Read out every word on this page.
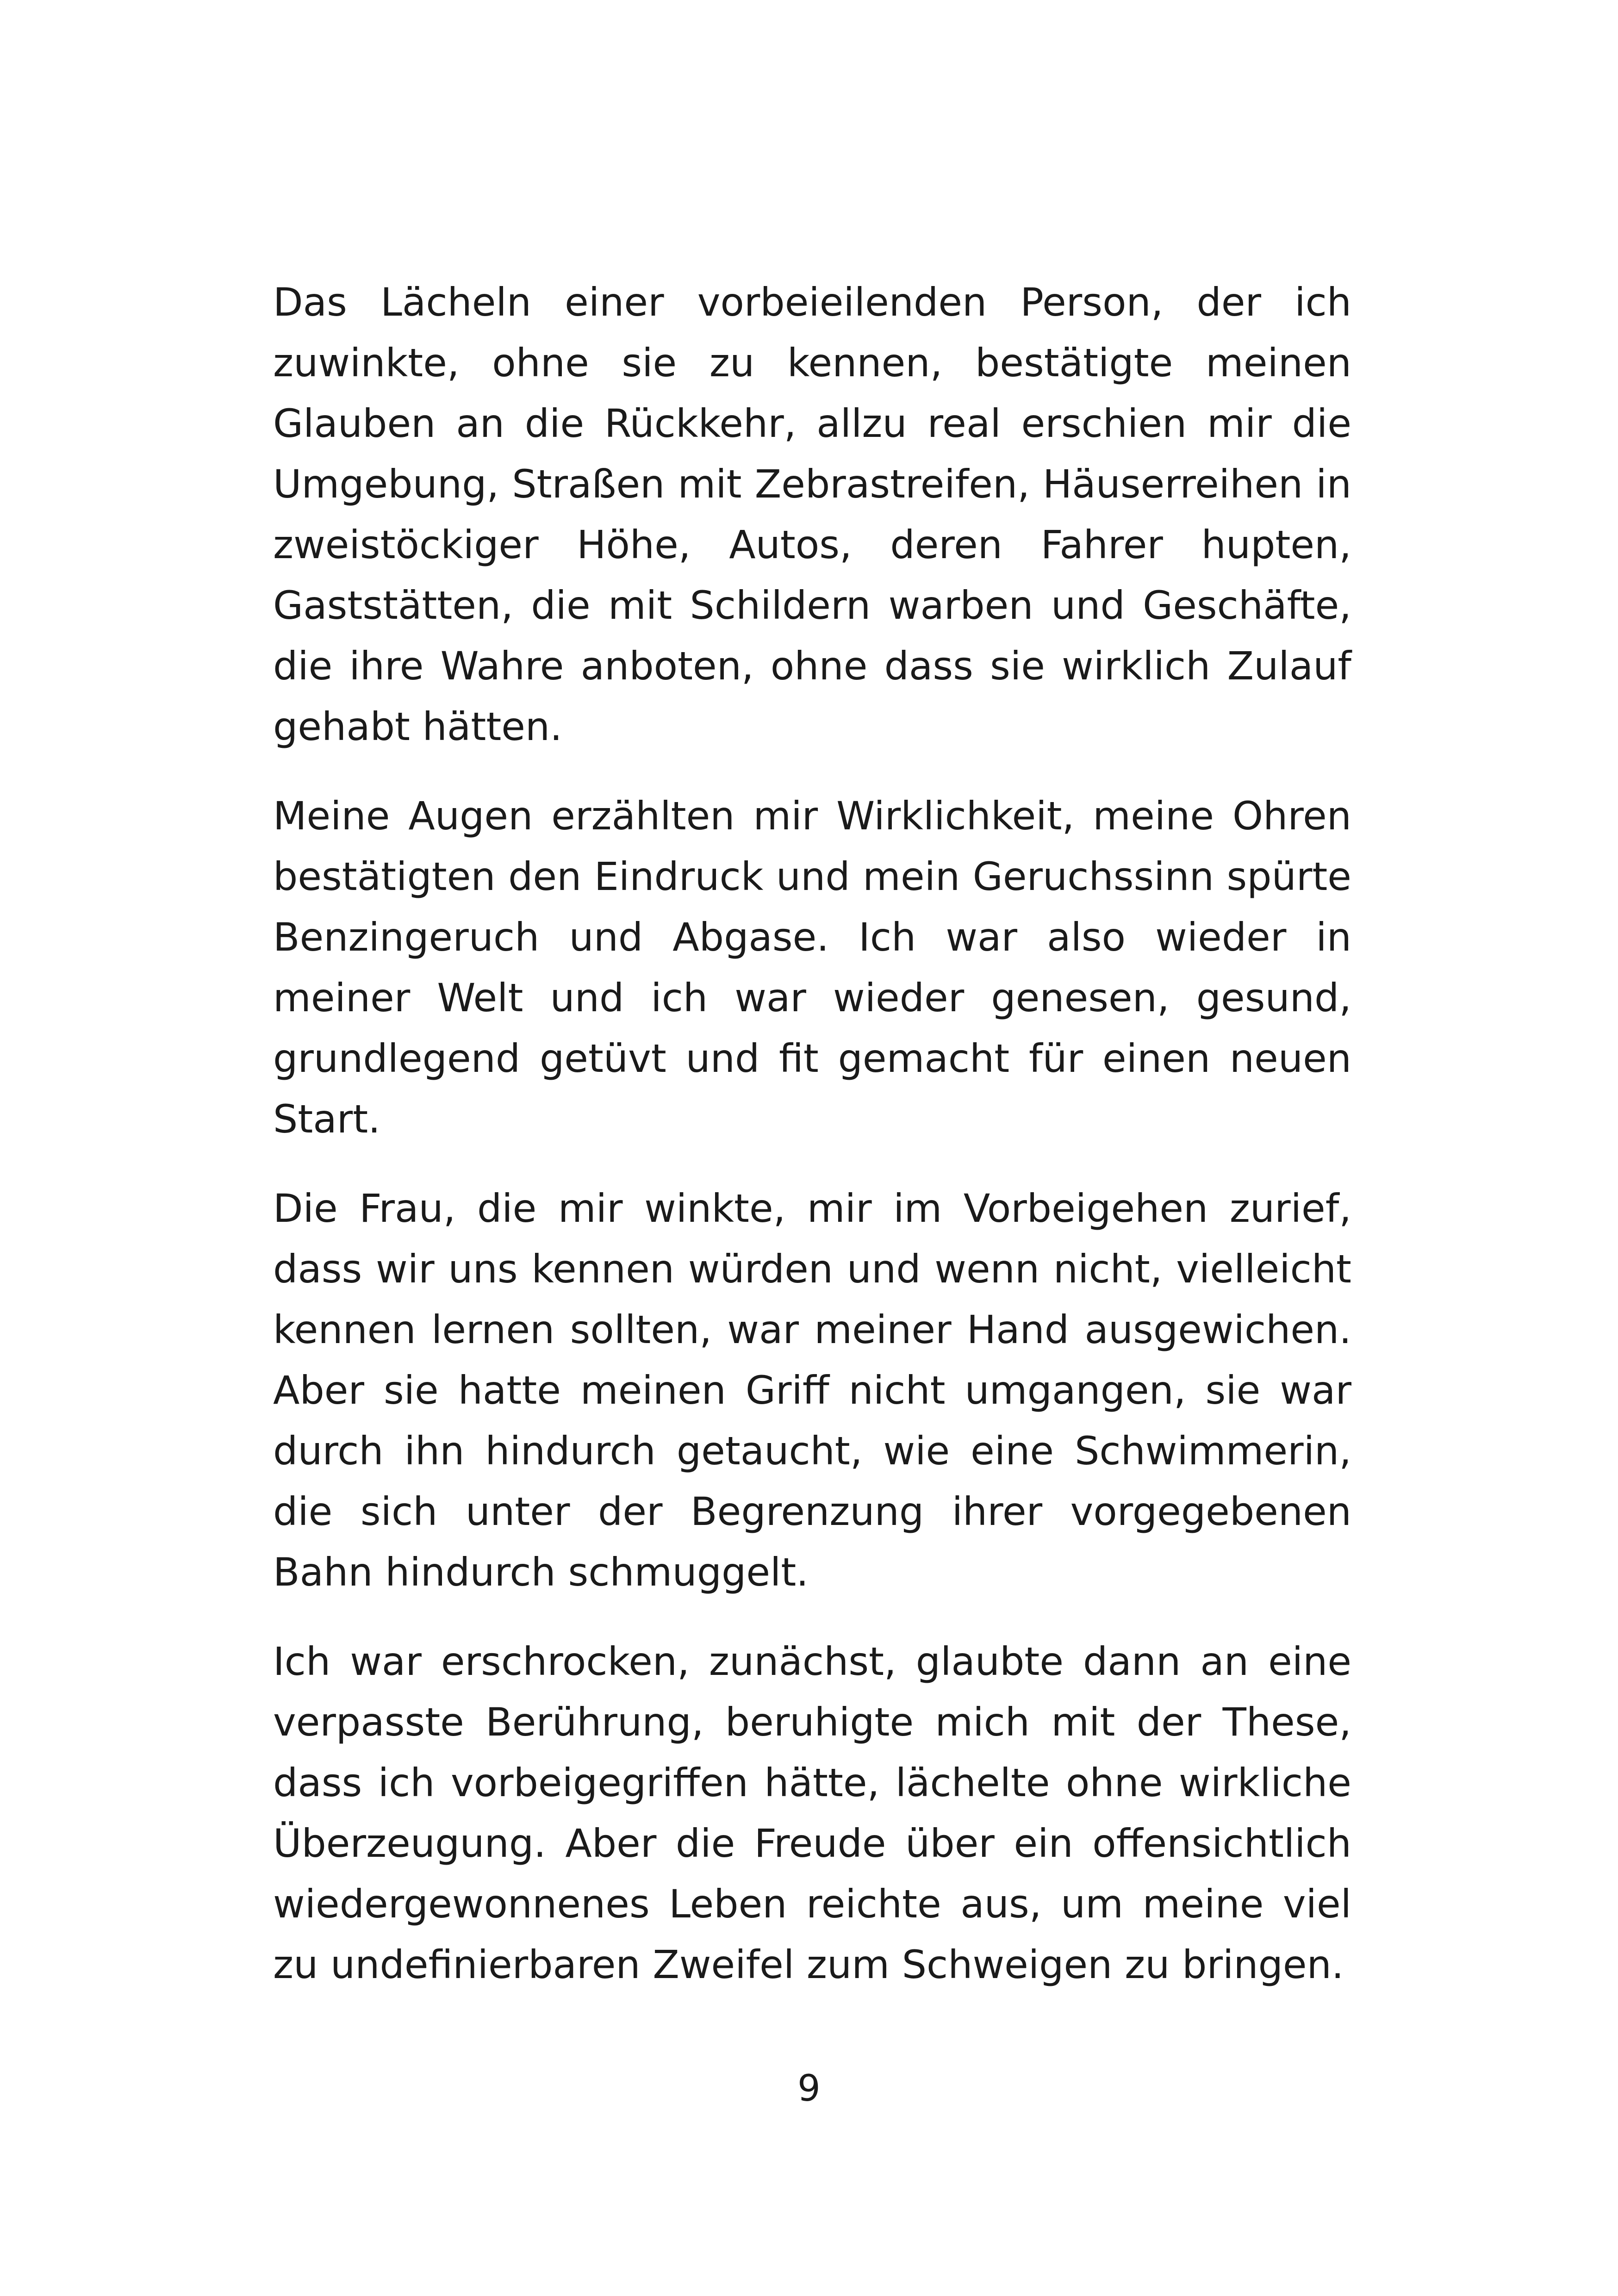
Das Lächeln einer vorbeieilenden Person, der ich zuwinkte, ohne sie zu kennen, bestätigte meinen Glauben an die Rückkehr, allzu real erschien mir die Umgebung, Straßen mit Zebrastreifen, Häuserreihen in zweistöckiger Höhe, Autos, deren Fahrer hupten, Gaststätten, die mit Schildern warben und Geschäfte, die ihre Wahre anboten, ohne dass sie wirklich Zulauf gehabt hätten.

Meine Augen erzählten mir Wirklichkeit, meine Ohren bestätigten den Eindruck und mein Geruchssinn spürte Benzingeruch und Abgase. Ich war also wieder in meiner Welt und ich war wieder genesen, gesund, grundlegend getüvt und fit gemacht für einen neuen Start.

Die Frau, die mir winkte, mir im Vorbeigehen zurief, dass wir uns kennen würden und wenn nicht, vielleicht kennen lernen sollten, war meiner Hand ausgewichen. Aber sie hatte meinen Griff nicht umgangen, sie war durch ihn hindurch getaucht, wie eine Schwimmerin, die sich unter der Begrenzung ihrer vorgegebenen Bahn hindurch schmuggelt.

Ich war erschrocken, zunächst, glaubte dann an eine verpasste Berührung, beruhigte mich mit der These, dass ich vorbeigegriffen hätte, lächelte ohne wirkliche Überzeugung. Aber die Freude über ein offensichtlich wiedergewonnenes Leben reichte aus, um meine viel zu undefinierbaren Zweifel zum Schweigen zu bringen.

9
